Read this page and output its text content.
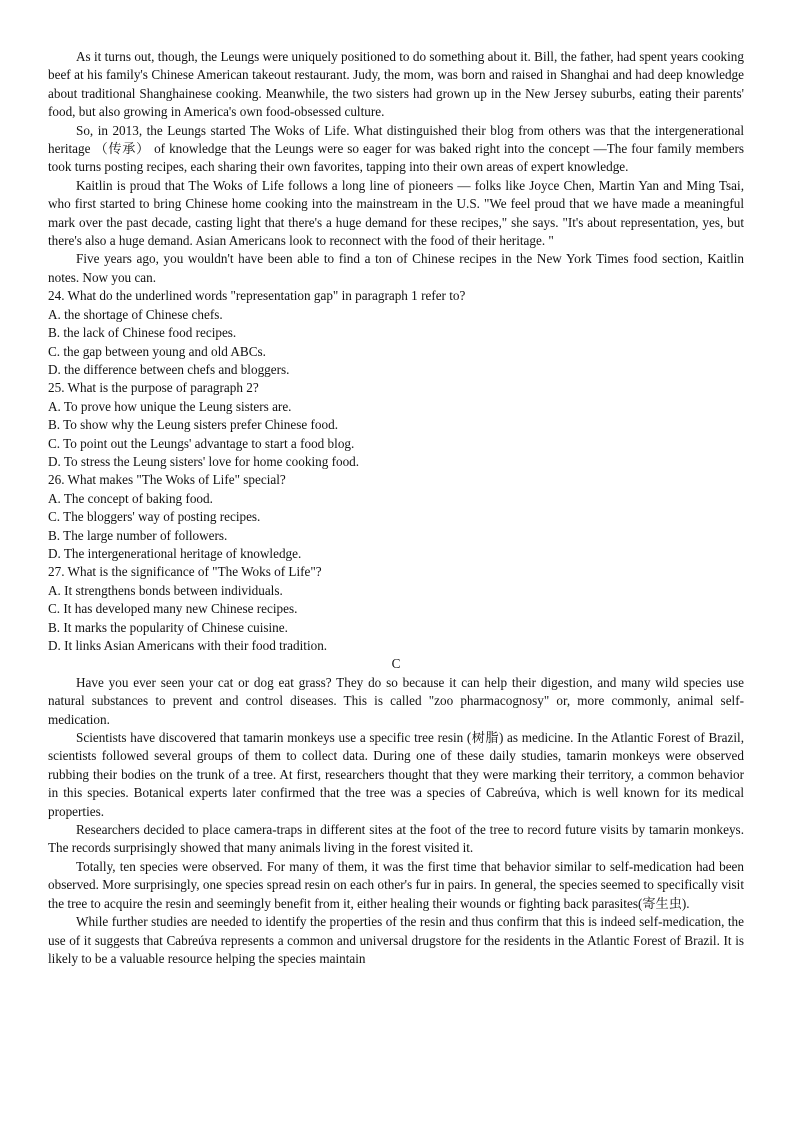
As it turns out, though, the Leungs were uniquely positioned to do something about it. Bill, the father, had spent years cooking beef at his family's Chinese American takeout restaurant. Judy, the mom, was born and raised in Shanghai and had deep knowledge about traditional Shanghainese cooking. Meanwhile, the two sisters had grown up in the New Jersey suburbs, eating their parents' food, but also growing in America's own food-obsessed culture.

So, in 2013, the Leungs started The Woks of Life. What distinguished their blog from others was that the intergenerational heritage （传承） of knowledge that the Leungs were so eager for was baked right into the concept —The four family members took turns posting recipes, each sharing their own favorites, tapping into their own areas of expert knowledge.

Kaitlin is proud that The Woks of Life follows a long line of pioneers — folks like Joyce Chen, Martin Yan and Ming Tsai, who first started to bring Chinese home cooking into the mainstream in the U.S. "We feel proud that we have made a meaningful mark over the past decade, casting light that there's a huge demand for these recipes," she says. "It's about representation, yes, but there's also a huge demand. Asian Americans look to reconnect with the food of their heritage. "

Five years ago, you wouldn't have been able to find a ton of Chinese recipes in the New York Times food section, Kaitlin notes. Now you can.

24. What do the underlined words "representation gap" in paragraph 1 refer to?

A. the shortage of Chinese chefs.

B. the lack of Chinese food recipes.

C. the gap between young and old ABCs.

D. the difference between chefs and bloggers.

25. What is the purpose of paragraph 2?

A. To prove how unique the Leung sisters are.

B. To show why the Leung sisters prefer Chinese food.

C. To point out the Leungs' advantage to start a food blog.

D. To stress the Leung sisters' love for home cooking food.

26. What makes "The Woks of Life" special?

A. The concept of baking food.

C. The bloggers' way of posting recipes.

B. The large number of followers.

D. The intergenerational heritage of knowledge.

27. What is the significance of "The Woks of Life"?

A. It strengthens bonds between individuals.

C. It has developed many new Chinese recipes.

B. It marks the popularity of Chinese cuisine.

D. It links Asian Americans with their food tradition.

C

Have you ever seen your cat or dog eat grass? They do so because it can help their digestion, and many wild species use natural substances to prevent and control diseases. This is called "zoo pharmacognosy" or, more commonly, animal self-medication.

Scientists have discovered that tamarin monkeys use a specific tree resin (树脂) as medicine. In the Atlantic Forest of Brazil, scientists followed several groups of them to collect data. During one of these daily studies, tamarin monkeys were observed rubbing their bodies on the trunk of a tree. At first, researchers thought that they were marking their territory, a common behavior in this species. Botanical experts later confirmed that the tree was a species of Cabreúva, which is well known for its medical properties.

Researchers decided to place camera-traps in different sites at the foot of the tree to record future visits by tamarin monkeys. The records surprisingly showed that many animals living in the forest visited it.

Totally, ten species were observed. For many of them, it was the first time that behavior similar to self-medication had been observed. More surprisingly, one species spread resin on each other's fur in pairs. In general, the species seemed to specifically visit the tree to acquire the resin and seemingly benefit from it, either healing their wounds or fighting back parasites(寄生虫).

While further studies are needed to identify the properties of the resin and thus confirm that this is indeed self-medication, the use of it suggests that Cabreúva represents a common and universal drugstore for the residents in the Atlantic Forest of Brazil. It is likely to be a valuable resource helping the species maintain
